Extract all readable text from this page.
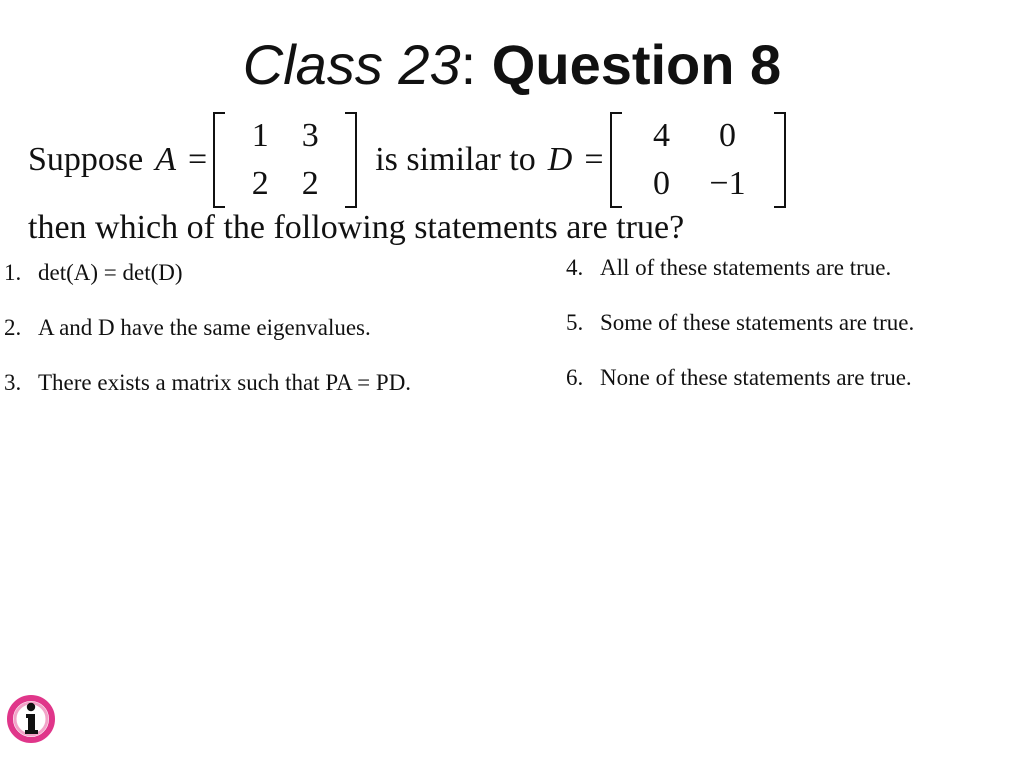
Class 23: Question 8
Suppose A =
1 3
2 2
is similar to D =
4	0
0	−1
then which of the following statements are true?
1. det(A) = det(D)
2. A and D have the same eigenvalues.
3. There exists a matrix such that PA = PD.
4. All of these statements are true.
5. Some of these statements are true.
6. None of these statements are true.
